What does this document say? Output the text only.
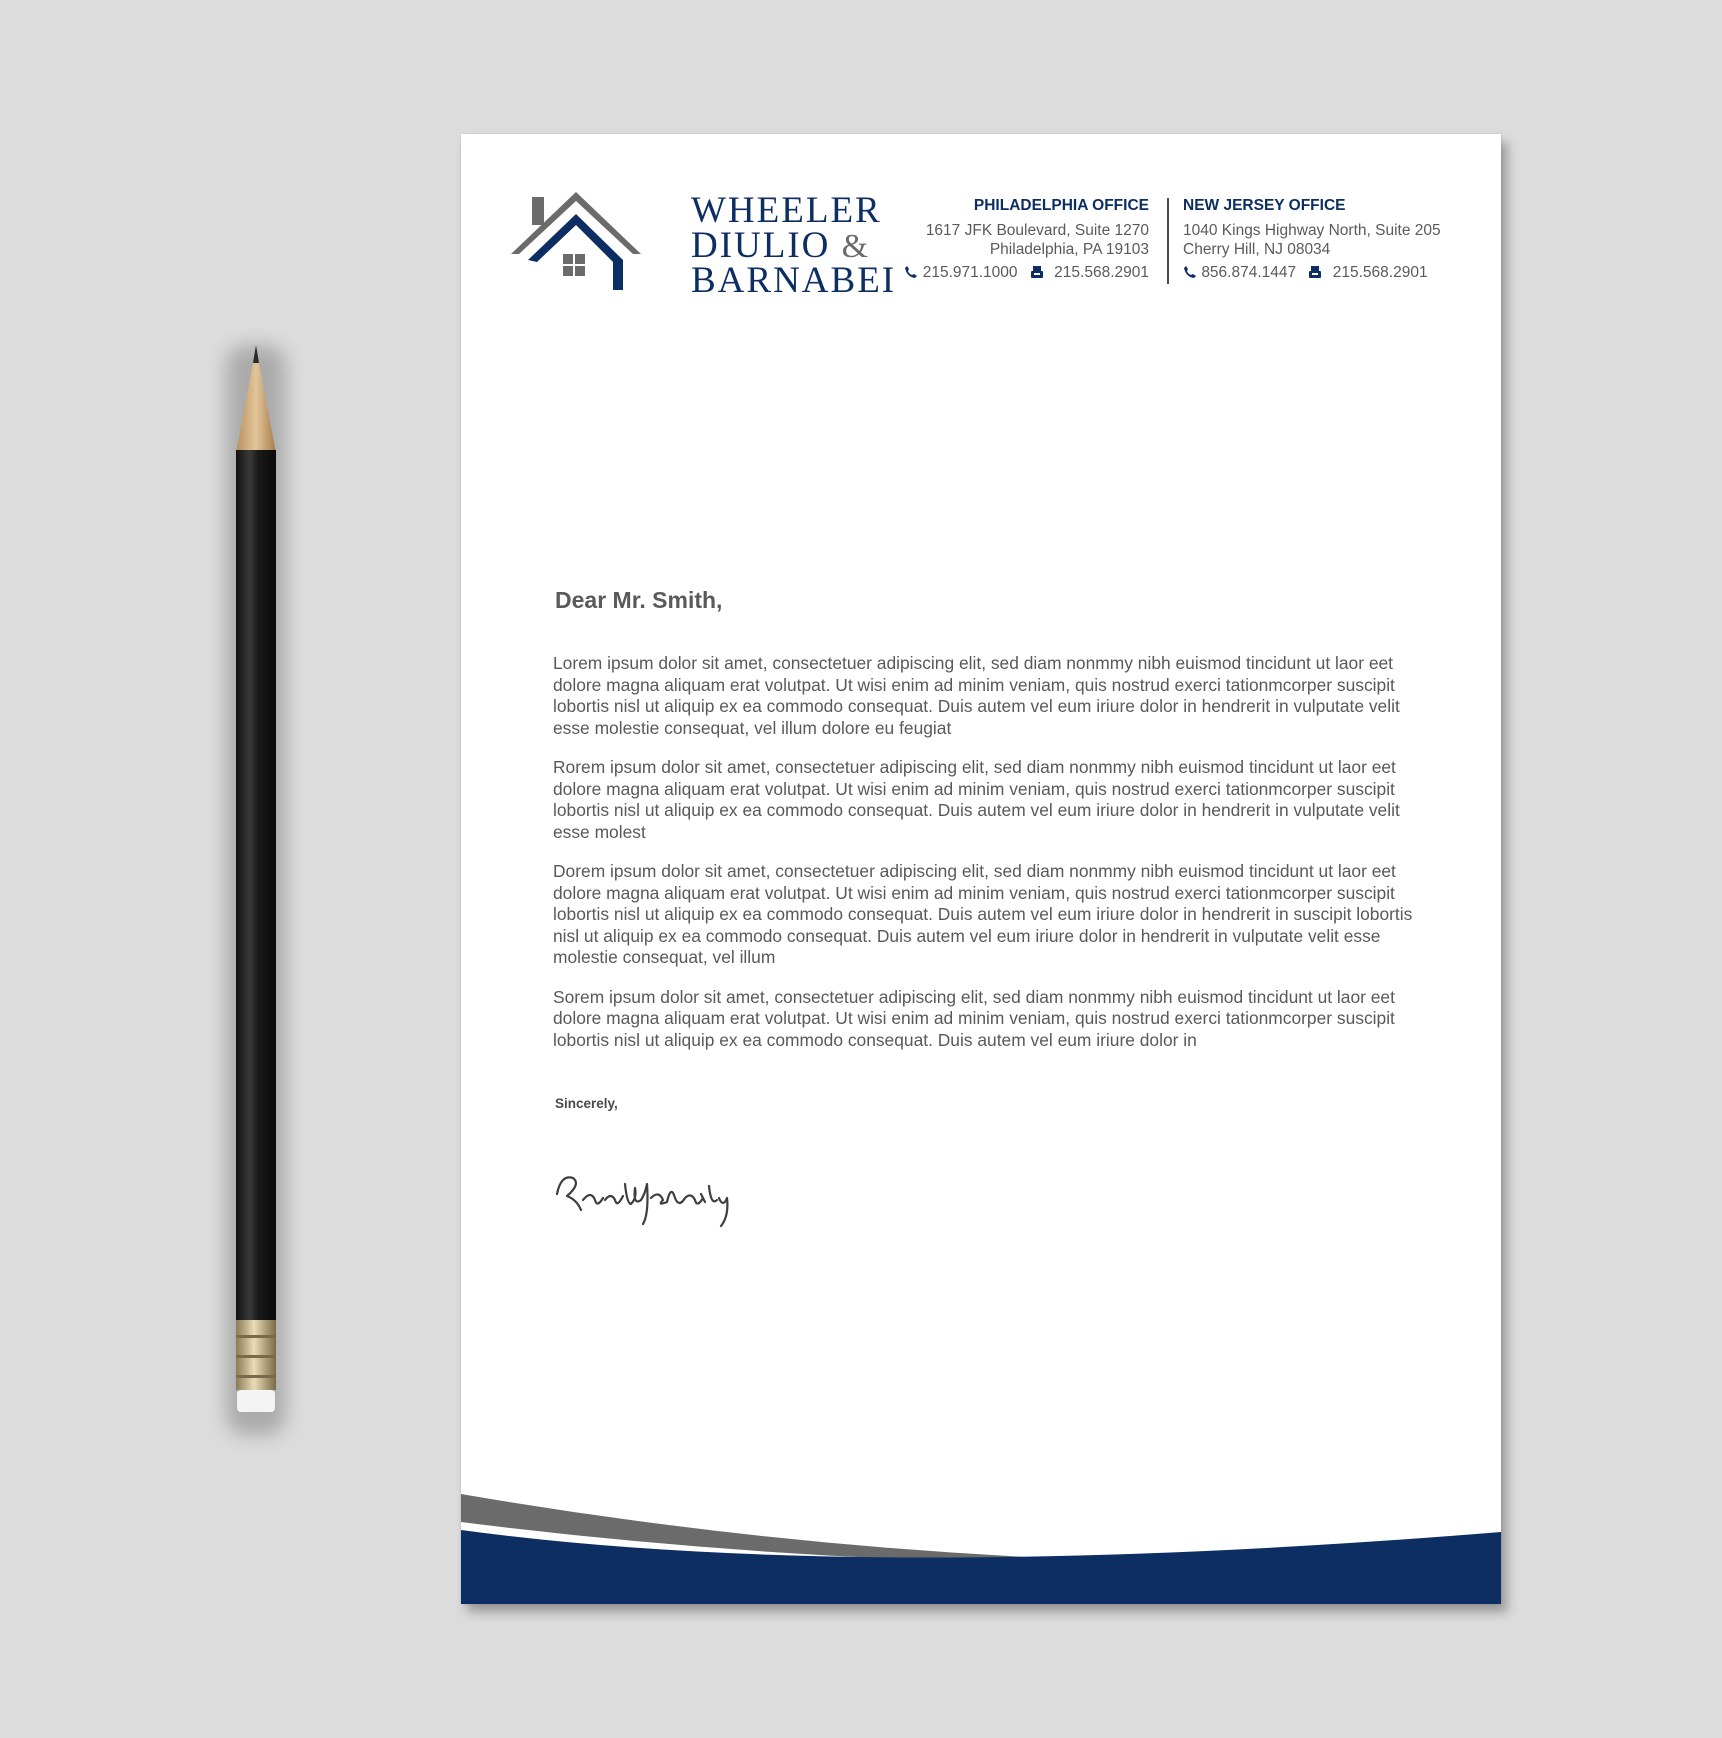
WHEELER
DIULIO &
BARNABEI
PHILADELPHIA OFFICE
1617 JFK Boulevard, Suite 1270
Philadelphia, PA 19103
215.971.1000 215.568.2901
NEW JERSEY OFFICE
1040 Kings Highway North, Suite 205
Cherry Hill, NJ 08034
856.874.1447 215.568.2901
Dear Mr. Smith,

Lorem ipsum dolor sit amet, consectetuer adipiscing elit, sed diam nonmmy nibh euismod tincidunt ut laor eet dolore magna aliquam erat volutpat. Ut wisi enim ad minim veniam, quis nostrud exerci tationmcorper suscipit lobortis nisl ut aliquip ex ea commodo consequat. Duis autem vel eum iriure dolor in hendrerit in vulputate velit esse molestie consequat, vel illum dolore eu feugiat

Rorem ipsum dolor sit amet, consectetuer adipiscing elit, sed diam nonmmy nibh euismod tincidunt ut laor eet dolore magna aliquam erat volutpat. Ut wisi enim ad minim veniam, quis nostrud exerci tationmcorper suscipit lobortis nisl ut aliquip ex ea commodo consequat. Duis autem vel eum iriure dolor in hendrerit in vulputate velit esse molest

Dorem ipsum dolor sit amet, consectetuer adipiscing elit, sed diam nonmmy nibh euismod tincidunt ut laor eet dolore magna aliquam erat volutpat. Ut wisi enim ad minim veniam, quis nostrud exerci tationmcorper suscipit lobortis nisl ut aliquip ex ea commodo consequat. Duis autem vel eum iriure dolor in hendrerit in suscipit lobortis nisl ut aliquip ex ea commodo consequat. Duis autem vel eum iriure dolor in hendrerit in vulputate velit esse molestie consequat, vel illum

Sorem ipsum dolor sit amet, consectetuer adipiscing elit, sed diam nonmmy nibh euismod tincidunt ut laor eet dolore magna aliquam erat volutpat. Ut wisi enim ad minim veniam, quis nostrud exerci tationmcorper suscipit lobortis nisl ut aliquip ex ea commodo consequat. Duis autem vel eum iriure dolor in

Sincerely,
